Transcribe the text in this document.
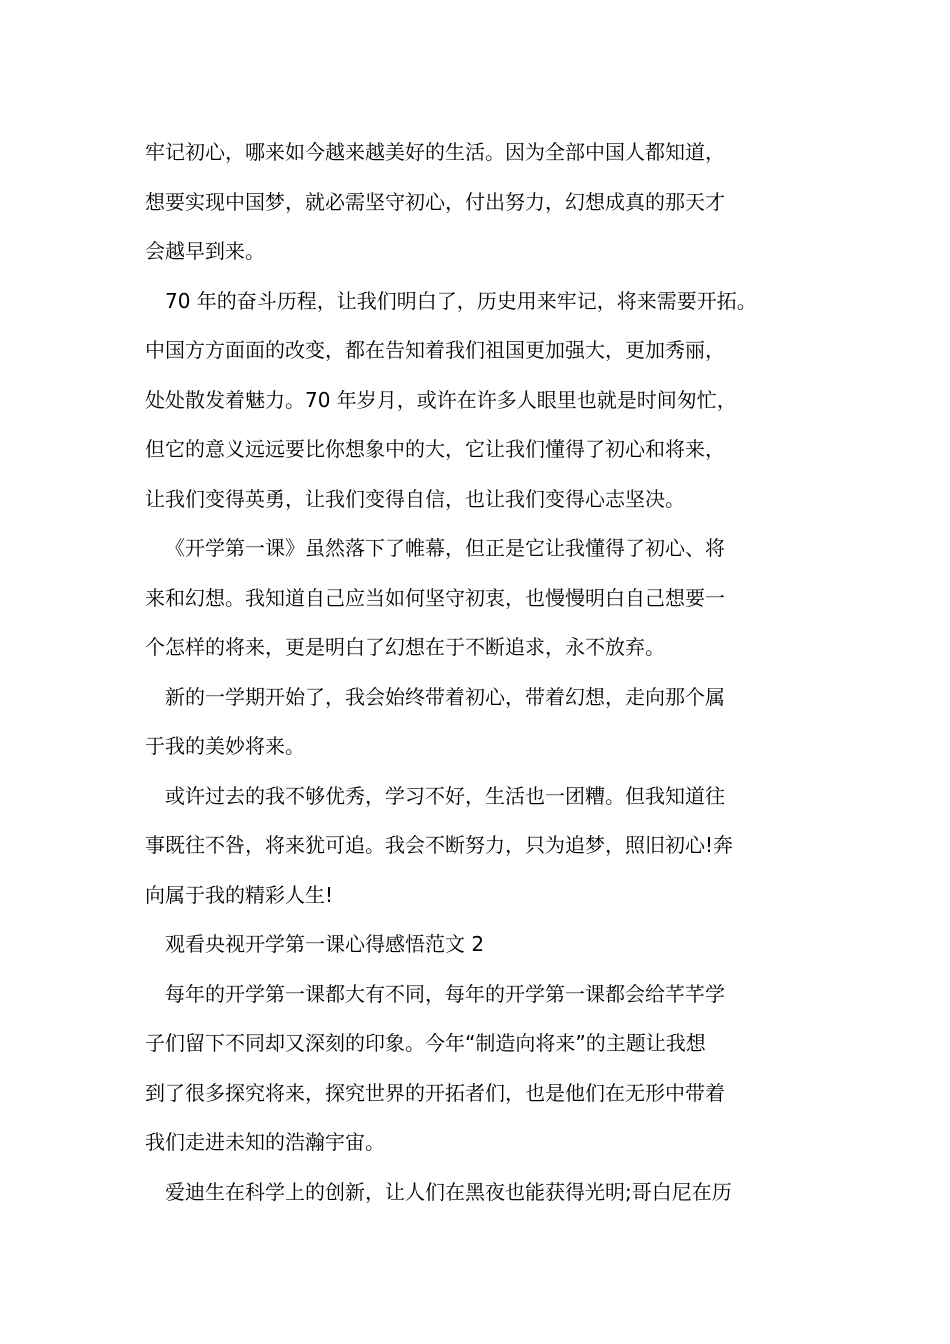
牢记初心，哪来如今越来越美好的生活。因为全部中国人都知道，
想要实现中国梦，就必需坚守初心，付出努力，幻想成真的那天才
会越早到来。
70 年的奋斗历程，让我们明白了，历史用来牢记，将来需要开拓。
中国方方面面的改变，都在告知着我们祖国更加强大，更加秀丽，
处处散发着魅力。70 年岁月，或许在许多人眼里也就是时间匆忙，
但它的意义远远要比你想象中的大，它让我们懂得了初心和将来，
让我们变得英勇，让我们变得自信，也让我们变得心志坚决。
《开学第一课》虽然落下了帷幕，但正是它让我懂得了初心、将
来和幻想。我知道自己应当如何坚守初衷，也慢慢明白自己想要一
个怎样的将来，更是明白了幻想在于不断追求，永不放弃。
新的一学期开始了，我会始终带着初心，带着幻想，走向那个属
于我的美妙将来。
或许过去的我不够优秀，学习不好，生活也一团糟。但我知道往
事既往不咎，将来犹可追。我会不断努力，只为追梦，照旧初心!奔
向属于我的精彩人生!
观看央视开学第一课心得感悟范文 2
每年的开学第一课都大有不同，每年的开学第一课都会给芊芊学
子们留下不同却又深刻的印象。今年“制造向将来”的主题让我想
到了很多探究将来，探究世界的开拓者们，也是他们在无形中带着
我们走进未知的浩瀚宇宙。
爱迪生在科学上的创新，让人们在黑夜也能获得光明;哥白尼在历
